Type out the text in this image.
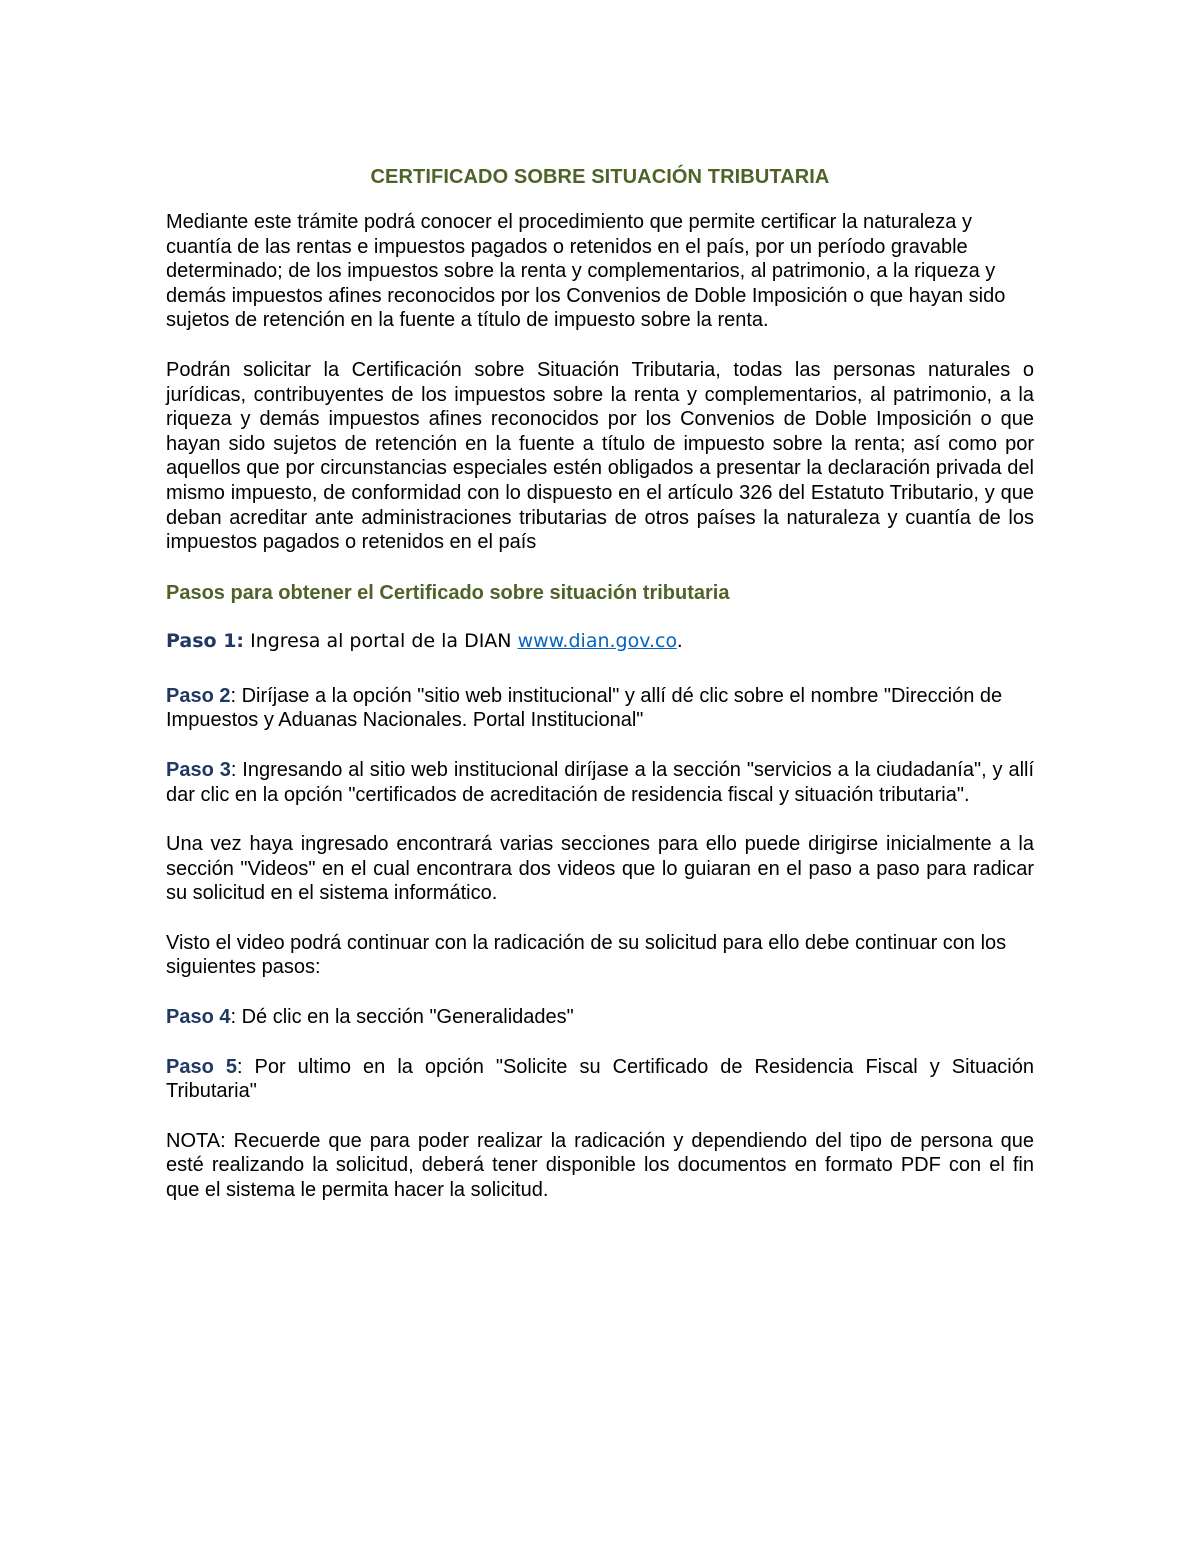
CERTIFICADO SOBRE SITUACIÓN TRIBUTARIA

Mediante este trámite podrá conocer el procedimiento que permite certificar la naturaleza y cuantía de las rentas e impuestos pagados o retenidos en el país, por un período gravable determinado; de los impuestos sobre la renta y complementarios, al patrimonio, a la riqueza y demás impuestos afines reconocidos por los Convenios de Doble Imposición o que hayan sido sujetos de retención en la fuente a título de impuesto sobre la renta.

Podrán solicitar la Certificación sobre Situación Tributaria, todas las personas naturales o jurídicas, contribuyentes de los impuestos sobre la renta y complementarios, al patrimonio, a la riqueza y demás impuestos afines reconocidos por los Convenios de Doble Imposición o que hayan sido sujetos de retención en la fuente a título de impuesto sobre la renta; así como por aquellos que por circunstancias especiales estén obligados a presentar la declaración privada del mismo impuesto, de conformidad con lo dispuesto en el artículo 326 del Estatuto Tributario, y que deban acreditar ante administraciones tributarias de otros países la naturaleza y cuantía de los impuestos pagados o retenidos en el país

Pasos para obtener el Certificado sobre situación tributaria

Paso 1: Ingresa al portal de la DIAN www.dian.gov.co.

Paso 2: Diríjase a la opción "sitio web institucional" y allí dé clic sobre el nombre "Dirección de Impuestos y Aduanas Nacionales. Portal Institucional"

Paso 3: Ingresando al sitio web institucional diríjase a la sección "servicios a la ciudadanía", y allí dar clic en la opción "certificados de acreditación de residencia fiscal y situación tributaria".

Una vez haya ingresado encontrará varias secciones para ello puede dirigirse inicialmente a la sección "Videos" en el cual encontrara dos videos que lo guiaran en el paso a paso para radicar su solicitud en el sistema informático.

Visto el video podrá continuar con la radicación de su solicitud para ello debe continuar con los siguientes pasos:

Paso 4: Dé clic en la sección "Generalidades"

Paso 5: Por ultimo en la opción "Solicite su Certificado de Residencia Fiscal y Situación Tributaria"

NOTA: Recuerde que para poder realizar la radicación y dependiendo del tipo de persona que esté realizando la solicitud, deberá tener disponible los documentos en formato PDF con el fin que el sistema le permita hacer la solicitud.
